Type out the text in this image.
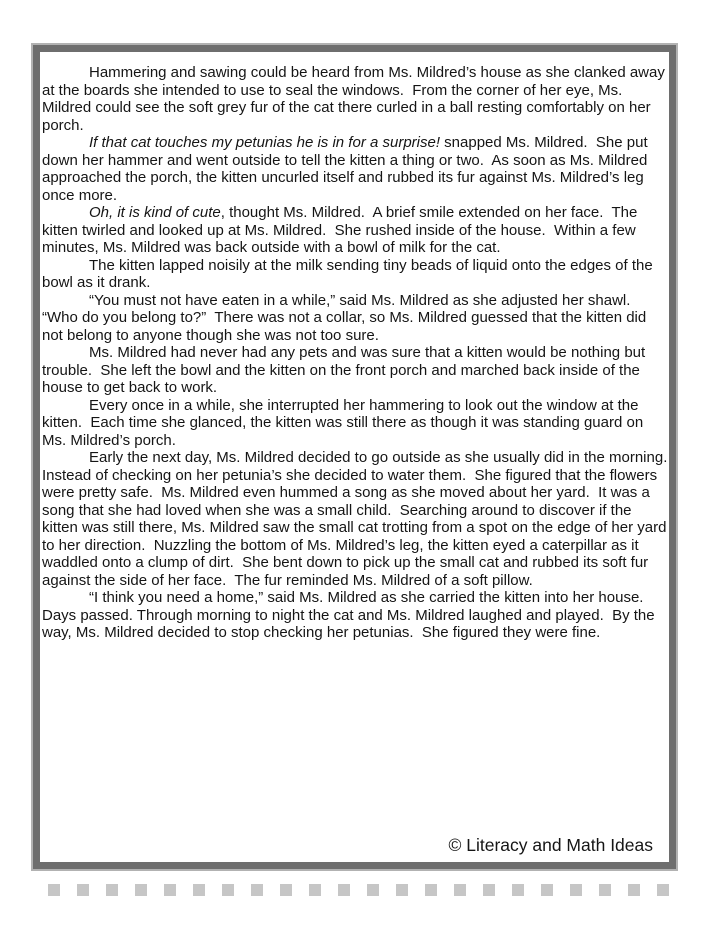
Hammering and sawing could be heard from Ms. Mildred’s house as she clanked away at the boards she intended to use to seal the windows.  From the corner of her eye, Ms. Mildred could see the soft grey fur of the cat there curled in a ball resting comfortably on her porch.

If that cat touches my petunias he is in for a surprise! snapped Ms. Mildred.  She put down her hammer and went outside to tell the kitten a thing or two.  As soon as Ms. Mildred approached the porch, the kitten uncurled itself and rubbed its fur against Ms. Mildred’s leg once more.

Oh, it is kind of cute, thought Ms. Mildred.  A brief smile extended on her face.  The kitten twirled and looked up at Ms. Mildred.  She rushed inside of the house.  Within a few minutes, Ms. Mildred was back outside with a bowl of milk for the cat.

The kitten lapped noisily at the milk sending tiny beads of liquid onto the edges of the bowl as it drank.

“You must not have eaten in a while,” said Ms. Mildred as she adjusted her shawl. “Who do you belong to?”  There was not a collar, so Ms. Mildred guessed that the kitten did not belong to anyone though she was not too sure.

Ms. Mildred had never had any pets and was sure that a kitten would be nothing but trouble.  She left the bowl and the kitten on the front porch and marched back inside of the house to get back to work.

Every once in a while, she interrupted her hammering to look out the window at the kitten.  Each time she glanced, the kitten was still there as though it was standing guard on Ms. Mildred’s porch.

Early the next day, Ms. Mildred decided to go outside as she usually did in the morning.  Instead of checking on her petunia’s she decided to water them.  She figured that the flowers were pretty safe.  Ms. Mildred even hummed a song as she moved about her yard.  It was a song that she had loved when she was a small child.  Searching around to discover if the kitten was still there, Ms. Mildred saw the small cat trotting from a spot on the edge of her yard to her direction.  Nuzzling the bottom of Ms. Mildred’s leg, the kitten eyed a caterpillar as it waddled onto a clump of dirt.  She bent down to pick up the small cat and rubbed its soft fur against the side of her face.  The fur reminded Ms. Mildred of a soft pillow.

“I think you need a home,” said Ms. Mildred as she carried the kitten into her house. Days passed. Through morning to night the cat and Ms. Mildred laughed and played.  By the way, Ms. Mildred decided to stop checking her petunias.  She figured they were fine.

© Literacy and Math Ideas
